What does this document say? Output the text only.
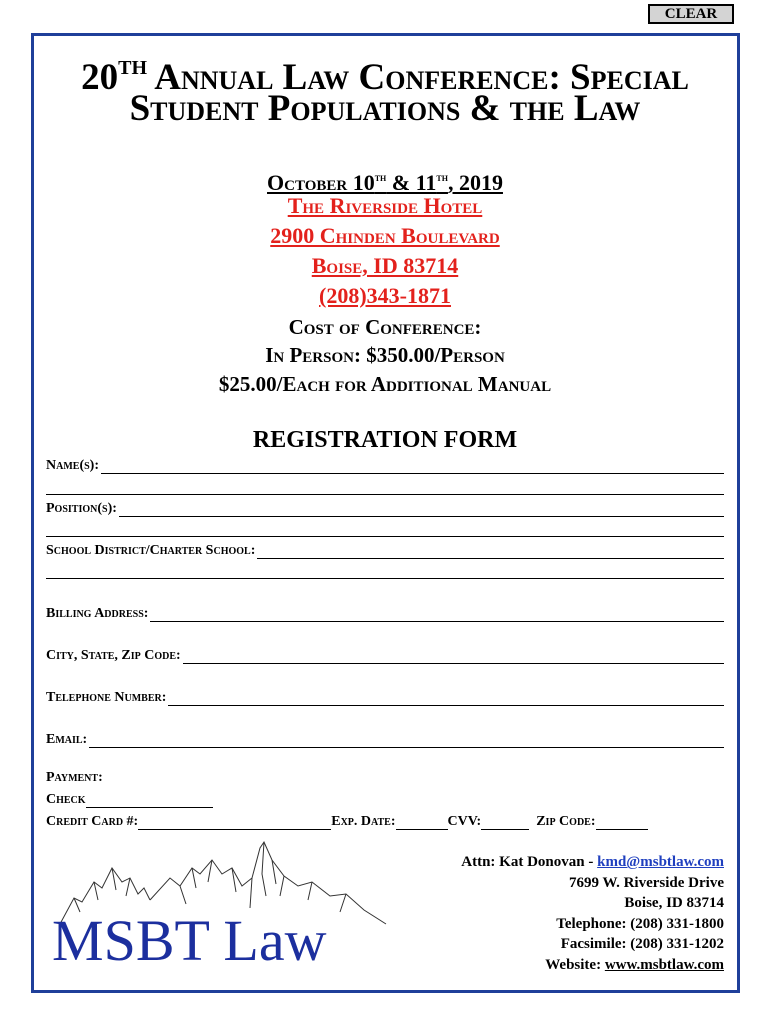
CLEAR
20TH Annual Law Conference: Special
Student Populations & the Law
October 10th & 11th, 2019
The Riverside Hotel
2900 Chinden Boulevard
Boise, ID 83714
(208)343-1871
Cost of Conference:
In Person: $350.00/Person
$25.00/Each for Additional Manual
REGISTRATION FORM
Name(s):
Position(s):
School District/Charter School:
Billing Address:
City, State, Zip Code:
Telephone Number:
Email:
Payment:
Check
Credit Card #:	Exp. Date:	CVV:	Zip Code:
MSBT Law
Attn: Kat Donovan - kmd@msbtlaw.com
7699 W. Riverside Drive
Boise, ID 83714
Telephone: (208) 331-1800
Facsimile: (208) 331-1202
Website: www.msbtlaw.com
